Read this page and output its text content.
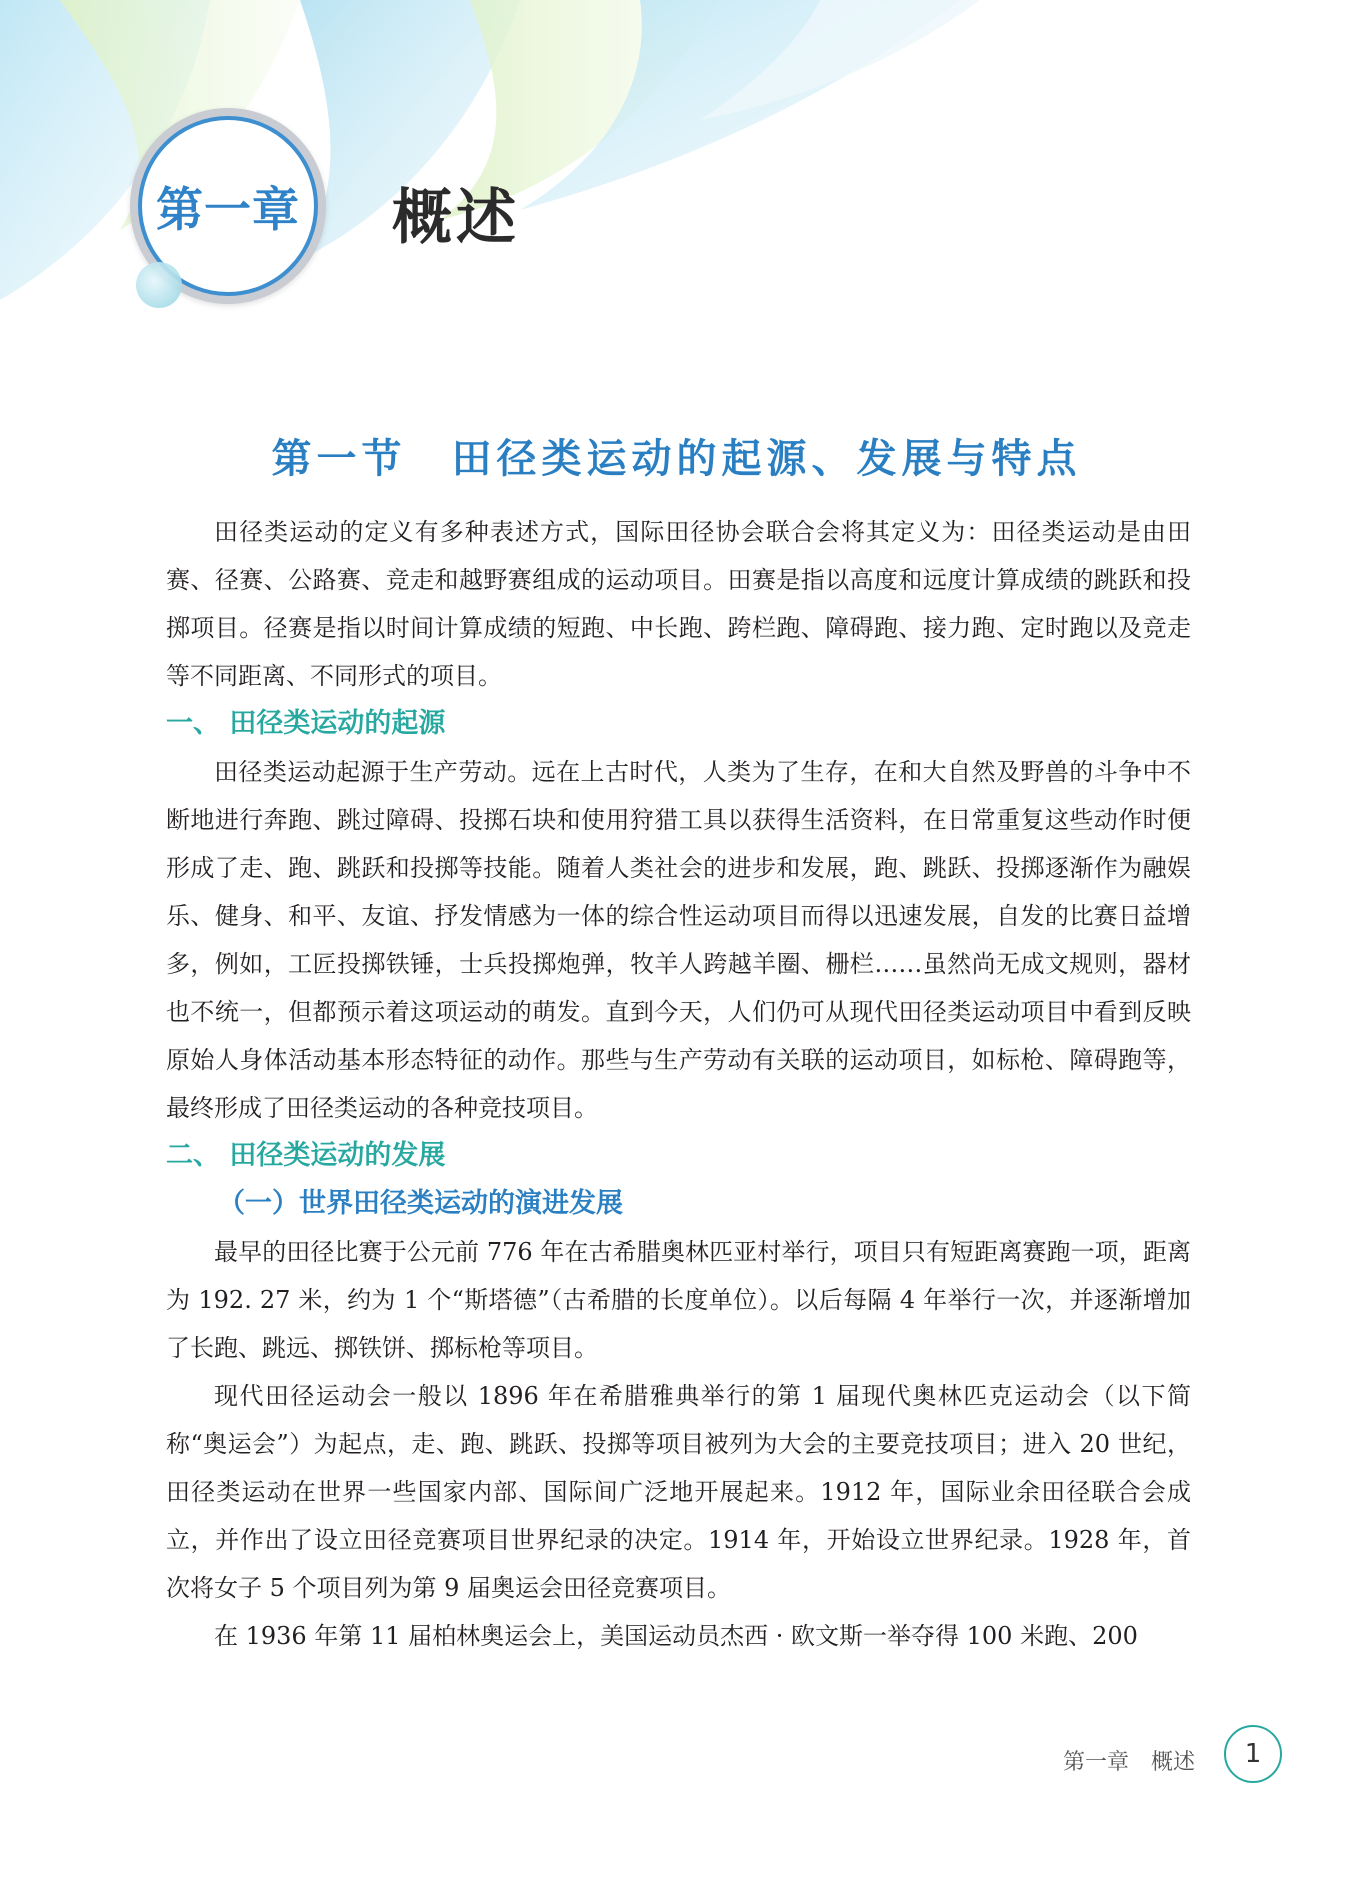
第一章 概述
第一节　田径类运动的起源、发展与特点

田径类运动的定义有多种表述方式，国际田径协会联合会将其定义为：田径类运动是由田赛、径赛、公路赛、竞走和越野赛组成的运动项目。田赛是指以高度和远度计算成绩的跳跃和投掷项目。径赛是指以时间计算成绩的短跑、中长跑、跨栏跑、障碍跑、接力跑、定时跑以及竞走等不同距离、不同形式的项目。

一、 田径类运动的起源

田径类运动起源于生产劳动。远在上古时代，人类为了生存，在和大自然及野兽的斗争中不断地进行奔跑、跳过障碍、投掷石块和使用狩猎工具以获得生活资料，在日常重复这些动作时便形成了走、跑、跳跃和投掷等技能。随着人类社会的进步和发展，跑、跳跃、投掷逐渐作为融娱乐、健身、和平、友谊、抒发情感为一体的综合性运动项目而得以迅速发展，自发的比赛日益增多，例如，工匠投掷铁锤，士兵投掷炮弹，牧羊人跨越羊圈、栅栏……虽然尚无成文规则，器材也不统一，但都预示着这项运动的萌发。直到今天，人们仍可从现代田径类运动项目中看到反映原始人身体活动基本形态特征的动作。那些与生产劳动有关联的运动项目，如标枪、障碍跑等，最终形成了田径类运动的各种竞技项目。

二、 田径类运动的发展
（一）世界田径类运动的演进发展

最早的田径比赛于公元前 776 年在古希腊奥林匹亚村举行，项目只有短距离赛跑一项，距离为 192. 27 米，约为 1 个“斯塔德”（古希腊的长度单位）。以后每隔 4 年举行一次，并逐渐增加了长跑、跳远、掷铁饼、掷标枪等项目。

现代田径运动会一般以 1896 年在希腊雅典举行的第 1 届现代奥林匹克运动会（以下简称“奥运会”）为起点，走、跑、跳跃、投掷等项目被列为大会的主要竞技项目；进入 20 世纪，田径类运动在世界一些国家内部、国际间广泛地开展起来。1912 年，国际业余田径联合会成立，并作出了设立田径竞赛项目世界纪录的决定。1914 年，开始设立世界纪录。1928 年，首次将女子 5 个项目列为第 9 届奥运会田径竞赛项目。

在 1936 年第 11 届柏林奥运会上，美国运动员杰西 · 欧文斯一举夺得 100 米跑、200

第一章　概述 1
